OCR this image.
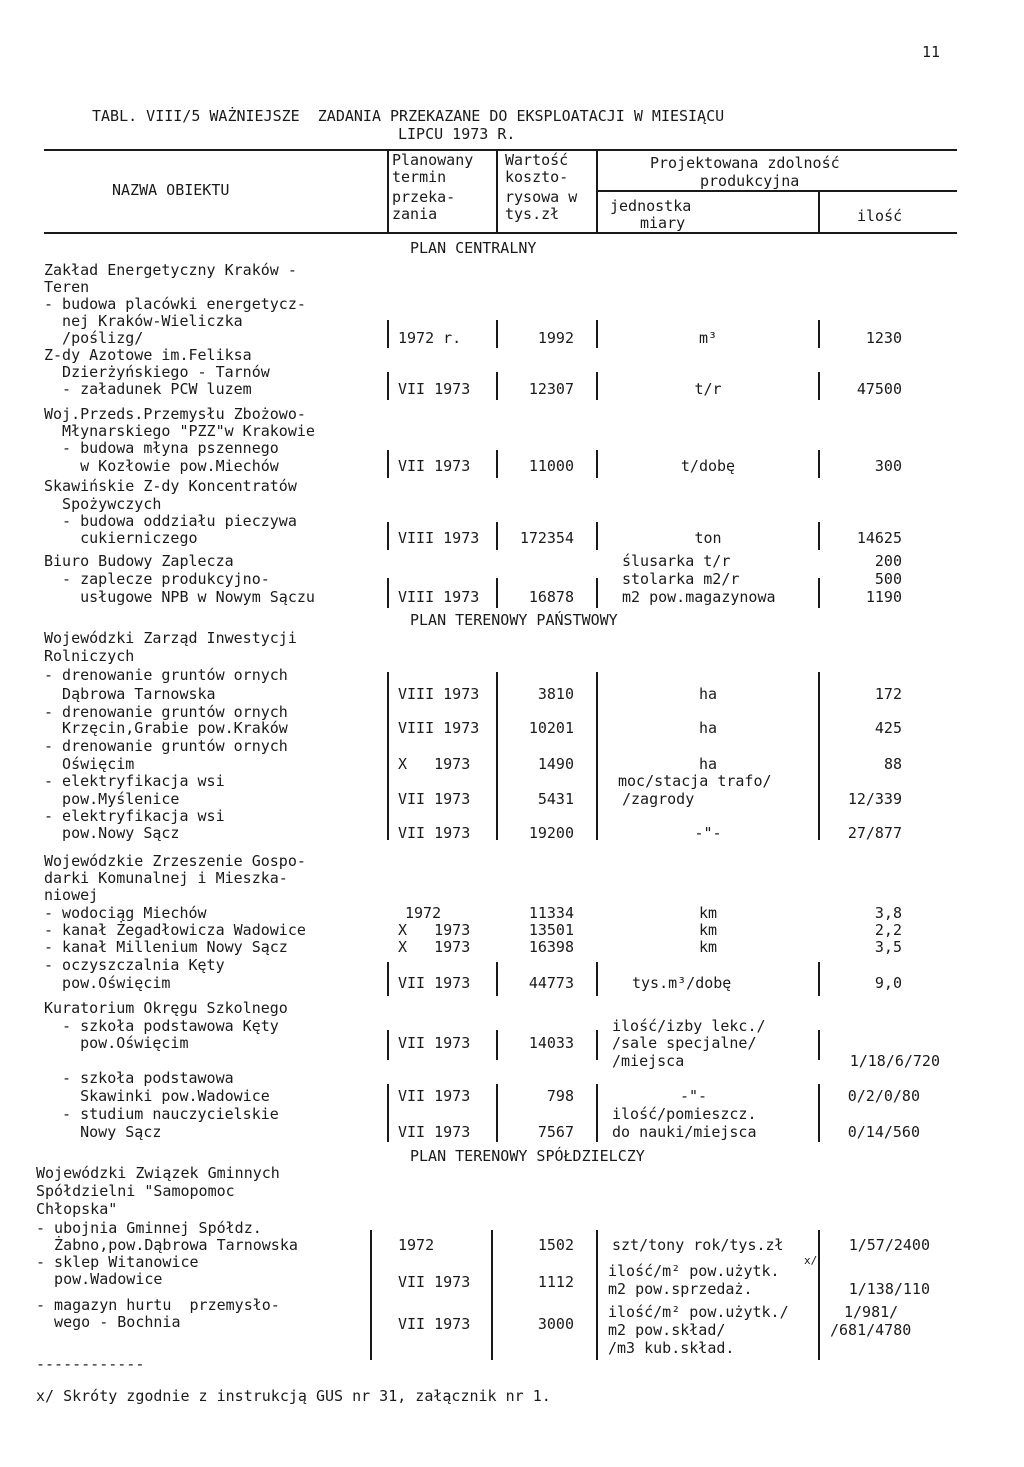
11
TABL. VIII/5 WAŻNIEJSZE  ZADANIA PRZEKAZANE DO EKSPLOATACJI W MIESIĄCU
LIPCU 1973 R.
NAZWA OBIEKTU
Planowany
termin
przeka-
zania
Wartość
koszto-
rysowa w
tys.zł
Projektowana zdolność
produkcyjna
jednostka
miary	ilość
PLAN CENTRALNY
PLAN TERENOWY PAŃSTWOWY
PLAN TERENOWY SPÓŁDZIELCZY
Zakład Energetyczny Kraków -
Teren
- budowa placówki energetycz-
nej Kraków-Wieliczka
/poślizg/
Z-dy Azotowe im.Feliksa
Dzierżyńskiego - Tarnów
- załadunek PCW luzem
Woj.Przeds.Przemysłu Zbożowo-
Młynarskiego "PZZ"w Krakowie
- budowa młyna pszennego
w Kozłowie pow.Miechów
Skawińskie Z-dy Koncentratów
Spożywczych
- budowa oddziału pieczywa
cukierniczego
Biuro Budowy Zaplecza
- zaplecze produkcyjno-
usługowe NPB w Nowym Sączu
Wojewódzki Zarząd Inwestycji
Rolniczych
- drenowanie gruntów ornych
Dąbrowa Tarnowska
- drenowanie gruntów ornych
Krzęcin,Grabie pow.Kraków
- drenowanie gruntów ornych
Oświęcim
- elektryfikacja wsi
pow.Myślenice
- elektryfikacja wsi
pow.Nowy Sącz
Wojewódzkie Zrzeszenie Gospo-
darki Komunalnej i Mieszka-
niowej
- wodociąg Miechów
- kanał Żegadłowicza Wadowice
- kanał Millenium Nowy Sącz
- oczyszczalnia Kęty
pow.Oświęcim
Kuratorium Okręgu Szkolnego
- szkoła podstawowa Kęty
pow.Oświęcim
- szkoła podstawowa
Skawinki pow.Wadowice
- studium nauczycielskie
Nowy Sącz
Wojewódzki Związek Gminnych
Spółdzielni "Samopomoc
Chłopska"
- ubojnia Gminnej Spółdz.
Żabno,pow.Dąbrowa Tarnowska
- sklep Witanowice
pow.Wadowice
- magazyn hurtu  przemysło-
wego - Bochnia
1972 r.
VII 1973
VII 1973
VIII 1973
VIII 1973
VIII 1973
VIII 1973
X   1973
VII 1973
VII 1973
1972
X   1973
X   1973
VII 1973
VII 1973
VII 1973
VII 1973
1972
VII 1973
VII 1973
1992
12307
11000
172354
16878
3810
10201
1490
5431
19200
11334
13501
16398
44773
14033
798
7567
1502
1112
3000
m³
t/r
t/dobę
ton
ślusarka t/r
stolarka m2/r
m2 pow.magazynowa
ha
ha
ha
moc/stacja trafo/
/zagrody
-"-
km
km
km
tys.m³/dobę
ilość/izby lekc./
/sale specjalne/
/miejsca
-"-
ilość/pomieszcz.
do nauki/miejsca
szt/tony rok/tys.zł
ilość/m² pow.użytk.
m2 pow.sprzedaż.
ilość/m² pow.użytk./
m2 pow.skład/
/m3 kub.skład.
1230
47500
300
14625
200
500
1190
172
425
88
12/339
27/877
3,8
2,2
3,5
9,0
1/18/6/720
0/2/0/80
0/14/560
1/57/2400
1/138/110
1/981/
/681/4780
x/
------------
x/ Skróty zgodnie z instrukcją GUS nr 31, załącznik nr 1.
